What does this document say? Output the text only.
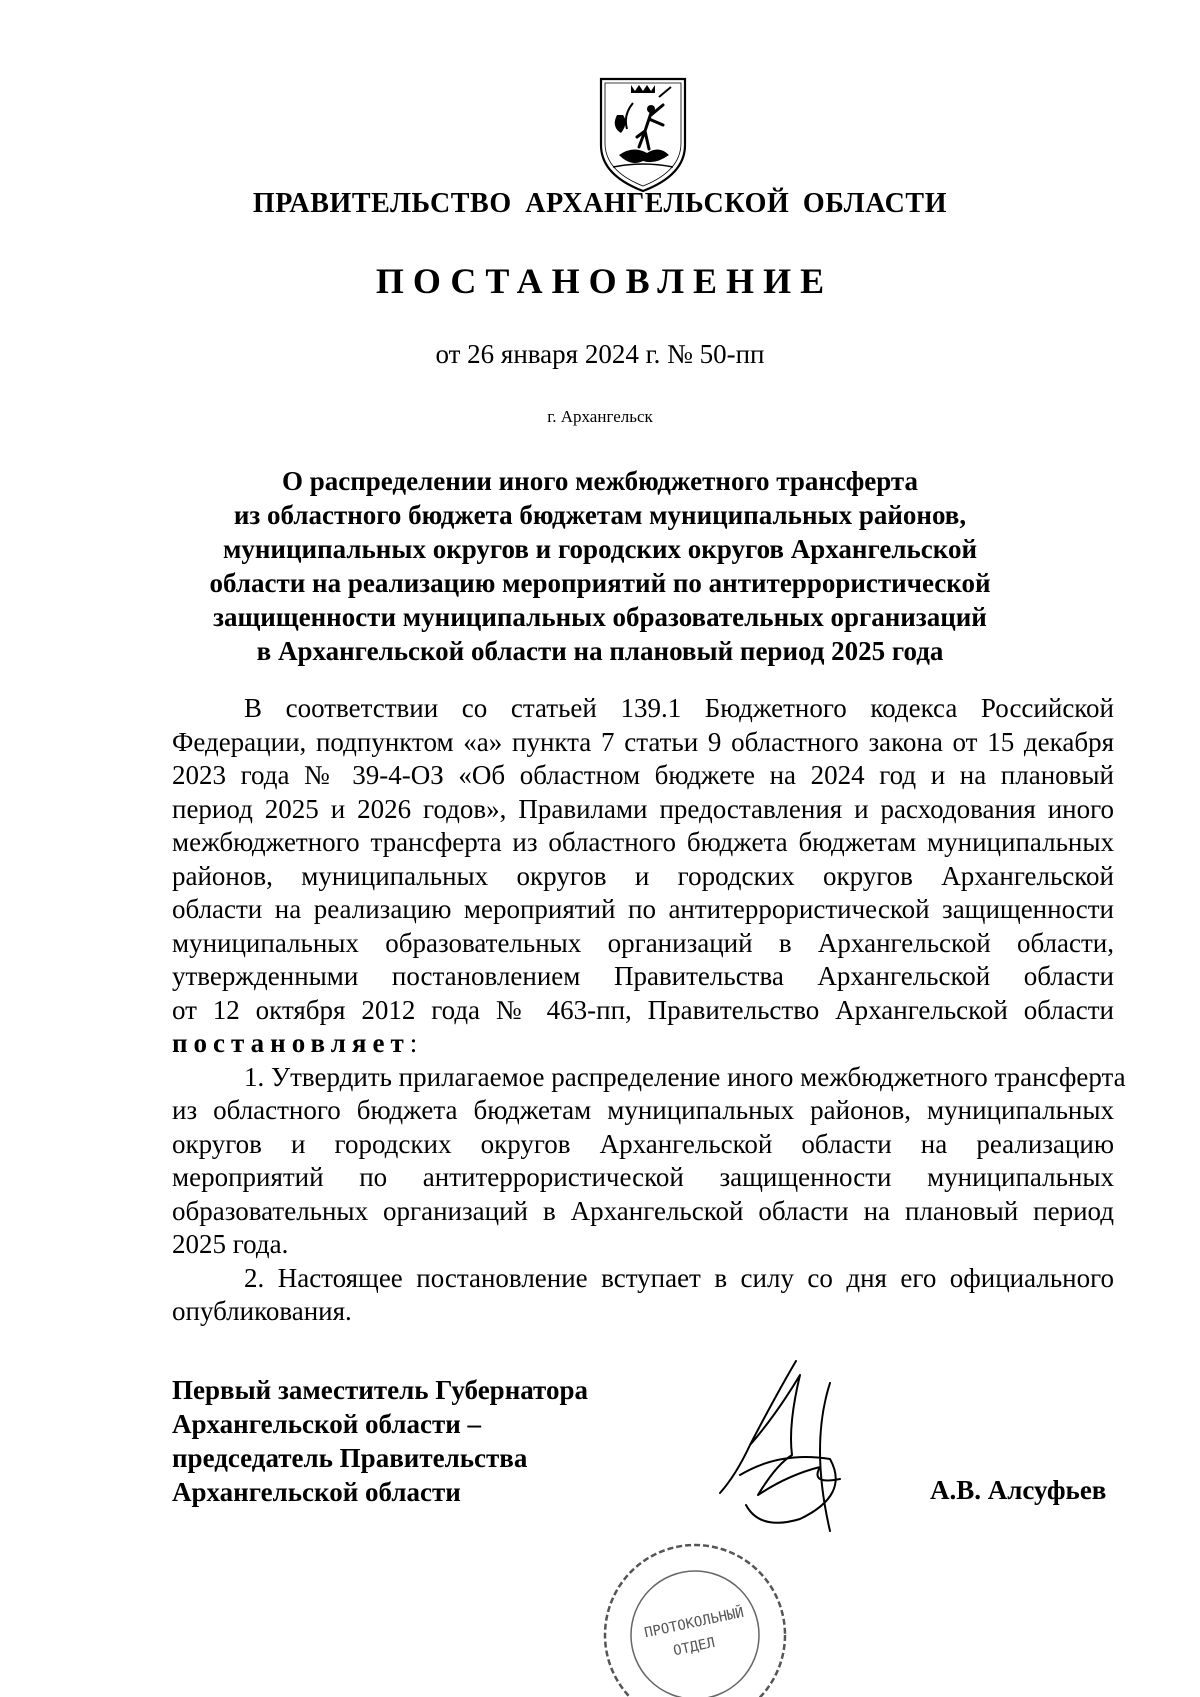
ПРАВИТЕЛЬСТВО АРХАНГЕЛЬСКОЙ ОБЛАСТИ
ПОСТАНОВЛЕНИЕ
от 26 января 2024 г. № 50-пп
г. Архангельск
О распределении иного межбюджетного трансферта
из областного бюджета бюджетам муниципальных районов,
муниципальных округов и городских округов Архангельской
области на реализацию мероприятий по антитеррористической
защищенности муниципальных образовательных организаций
в Архангельской области на плановый период 2025 года
В соответствии со статьей 139.1 Бюджетного кодекса Российской
Федерации, подпунктом «а» пункта 7 статьи 9 областного закона от 15 декабря
2023 года № 39-4-ОЗ «Об областном бюджете на 2024 год и на плановый
период 2025 и 2026 годов», Правилами предоставления и расходования иного
межбюджетного трансферта из областного бюджета бюджетам муниципальных
районов, муниципальных округов и городских округов Архангельской
области на реализацию мероприятий по антитеррористической защищенности
муниципальных образовательных организаций в Архангельской области,
утвержденными постановлением Правительства Архангельской области
от 12 октября 2012 года № 463-пп, Правительство Архангельской области
постановляет:
1. Утвердить прилагаемое распределение иного межбюджетного трансферта
из областного бюджета бюджетам муниципальных районов, муниципальных
округов и городских округов Архангельской области на реализацию
мероприятий по антитеррористической защищенности муниципальных
образовательных организаций в Архангельской области на плановый период
2025 года.
2. Настоящее постановление вступает в силу со дня его официального
опубликования.
Первый заместитель Губернатора
Архангельской области –
председатель Правительства
Архангельской области	А.В. Алсуфьев
ПРОТОКОЛЬНЫЙ
ОТДЕЛ
